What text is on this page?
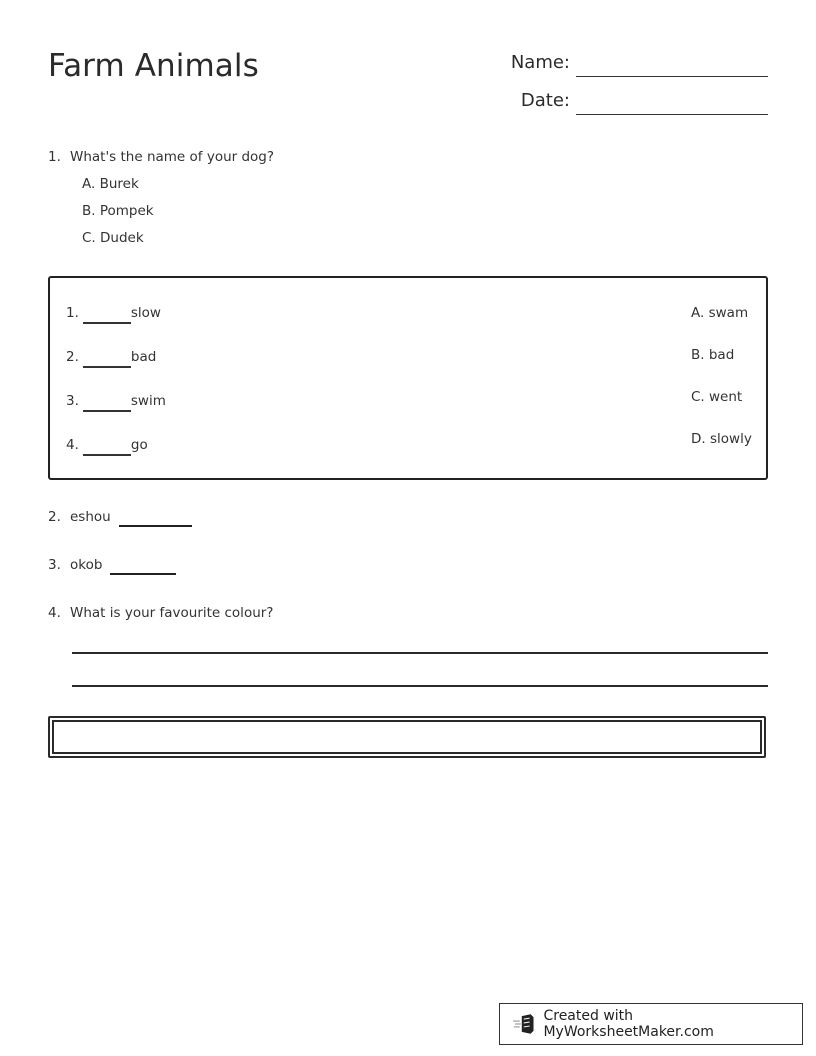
Farm Animals	Name:
Date:
1. What's the name of your dog?
A. Burek
B. Pompek
C. Dudek
1.	slow
2.	bad
3.	swim
4.	go
A. swam
B. bad
C. went
D. slowly
2. eshou
3. okob
4. What is your favourite colour?
Created with MyWorksheetMaker.com
